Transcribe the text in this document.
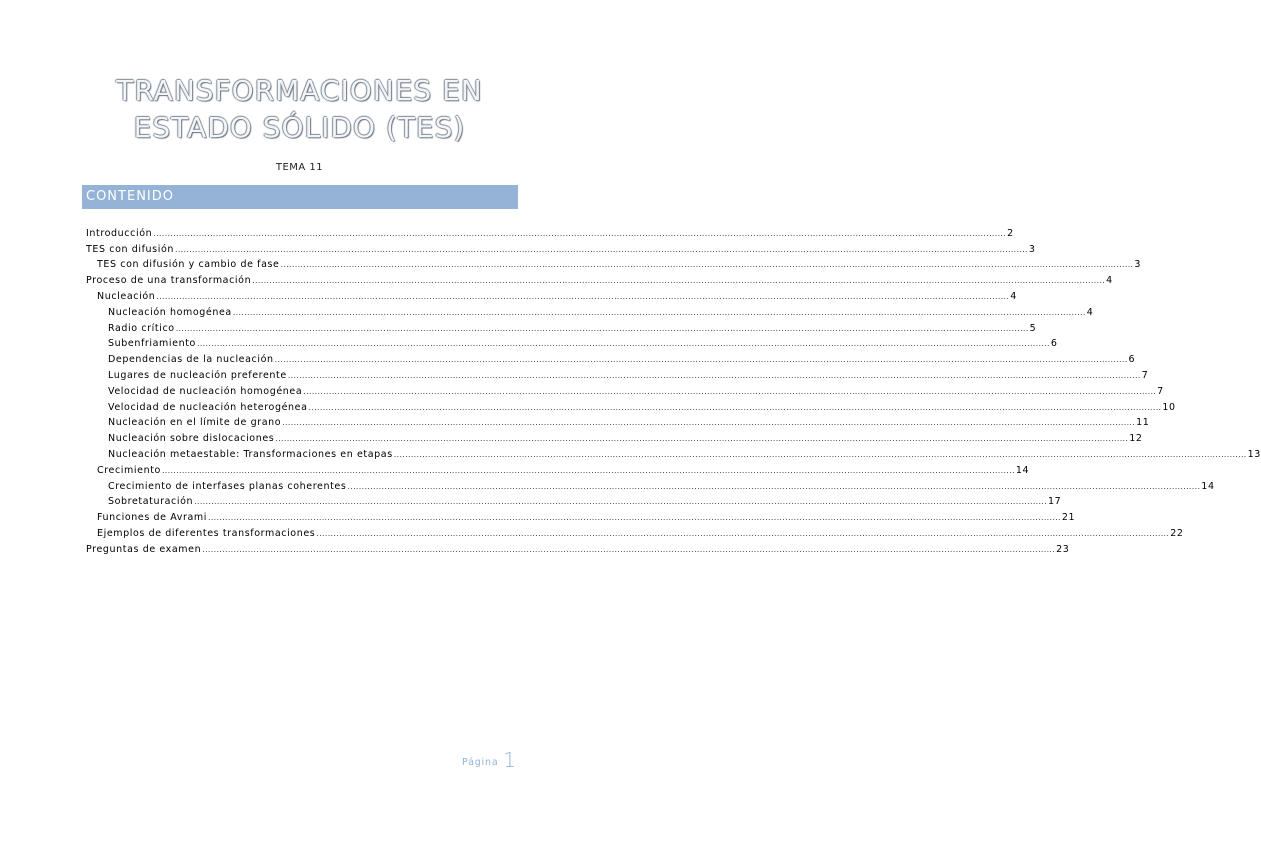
TRANSFORMACIONES EN
ESTADO SÓLIDO (TES)
TEMA 11
CONTENIDO
Introducción ............................................................................................................................................................................................................................................................................................................ 2
TES con difusión ............................................................................................................................................................................................................................................................................................................ 3
TES con difusión y cambio de fase ............................................................................................................................................................................................................................................................................................................ 3
Proceso de una transformación ............................................................................................................................................................................................................................................................................................................ 4
Nucleación ............................................................................................................................................................................................................................................................................................................ 4
Nucleación homogénea ............................................................................................................................................................................................................................................................................................................ 4
Radio crítico ............................................................................................................................................................................................................................................................................................................ 5
Subenfriamiento ............................................................................................................................................................................................................................................................................................................ 6
Dependencias de la nucleación ............................................................................................................................................................................................................................................................................................................ 6
Lugares de nucleación preferente ............................................................................................................................................................................................................................................................................................................ 7
Velocidad de nucleación homogénea ............................................................................................................................................................................................................................................................................................................ 7
Velocidad de nucleación heterogénea ............................................................................................................................................................................................................................................................................................................ 10
Nucleación en el límite de grano ............................................................................................................................................................................................................................................................................................................ 11
Nucleación sobre dislocaciones ............................................................................................................................................................................................................................................................................................................ 12
Nucleación metaestable: Transformaciones en etapas ............................................................................................................................................................................................................................................................................................................ 13
Crecimiento ............................................................................................................................................................................................................................................................................................................ 14
Crecimiento de interfases planas coherentes ............................................................................................................................................................................................................................................................................................................ 14
Sobretaturación ............................................................................................................................................................................................................................................................................................................ 17
Funciones de Avrami ............................................................................................................................................................................................................................................................................................................ 21
Ejemplos de diferentes transformaciones ............................................................................................................................................................................................................................................................................................................ 22
Preguntas de examen ............................................................................................................................................................................................................................................................................................................ 23
Página 1
